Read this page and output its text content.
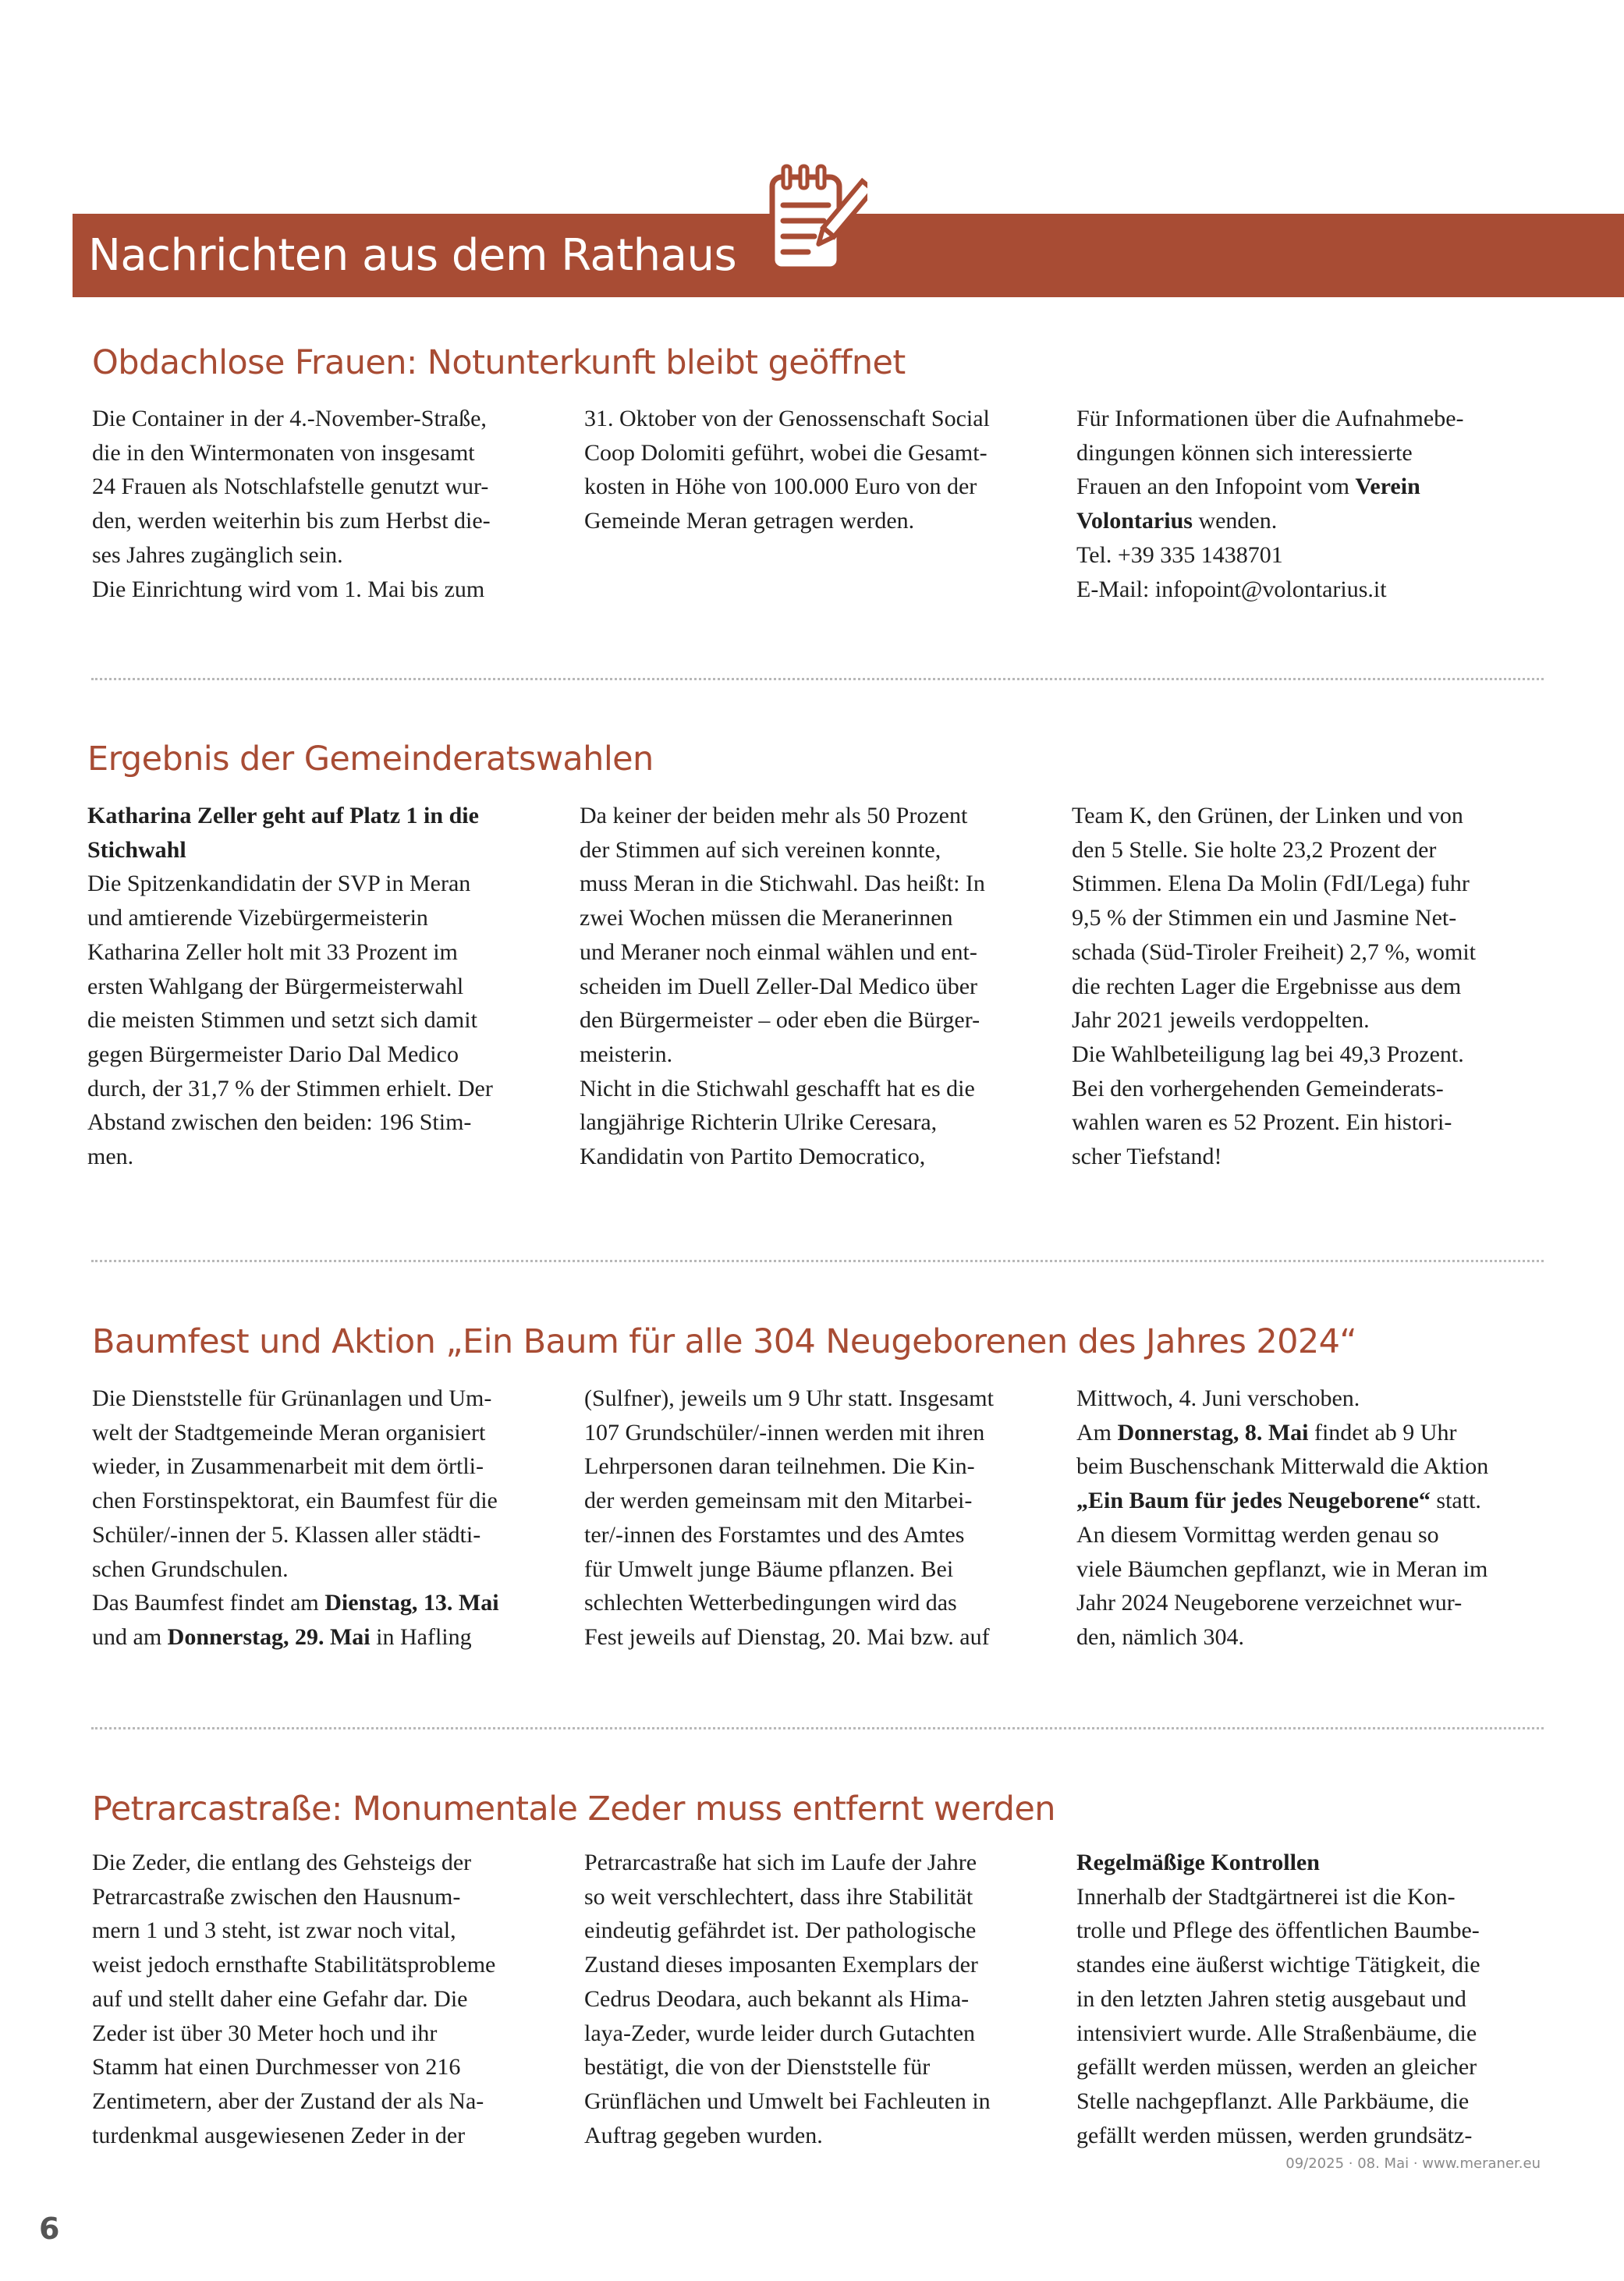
Nachrichten aus dem Rathaus
Obdachlose Frauen: Notunterkunft bleibt geöffnet
Die Container in der 4.-November-Straße,
die in den Wintermonaten von insgesamt
24 Frauen als Notschlafstelle genutzt wur-
den, werden weiterhin bis zum Herbst die-
ses Jahres zugänglich sein.
Die Einrichtung wird vom 1. Mai bis zum
31. Oktober von der Genossenschaft Social
Coop Dolomiti geführt, wobei die Gesamt-
kosten in Höhe von 100.000 Euro von der
Gemeinde Meran getragen werden.
Für Informationen über die Aufnahmebe-
dingungen können sich interessierte
Frauen an den Infopoint vom Verein
Volontarius wenden.
Tel. +39 335 1438701
E-Mail: infopoint@volontarius.it
Ergebnis der Gemeinderatswahlen
Katharina Zeller geht auf Platz 1 in die
Stichwahl
Die Spitzenkandidatin der SVP in Meran
und amtierende Vizebürgermeisterin
Katharina Zeller holt mit 33 Prozent im
ersten Wahlgang der Bürgermeisterwahl
die meisten Stimmen und setzt sich damit
gegen Bürgermeister Dario Dal Medico
durch, der 31,7 % der Stimmen erhielt. Der
Abstand zwischen den beiden: 196 Stim-
men.
Da keiner der beiden mehr als 50 Prozent
der Stimmen auf sich vereinen konnte,
muss Meran in die Stichwahl. Das heißt: In
zwei Wochen müssen die Meranerinnen
und Meraner noch einmal wählen und ent-
scheiden im Duell Zeller-Dal Medico über
den Bürgermeister – oder eben die Bürger-
meisterin.
Nicht in die Stichwahl geschafft hat es die
langjährige Richterin Ulrike Ceresara,
Kandidatin von Partito Democratico,
Team K, den Grünen, der Linken und von
den 5 Stelle. Sie holte 23,2 Prozent der
Stimmen. Elena Da Molin (FdI/Lega) fuhr
9,5 % der Stimmen ein und Jasmine Net-
schada (Süd-Tiroler Freiheit) 2,7 %, womit
die rechten Lager die Ergebnisse aus dem
Jahr 2021 jeweils verdoppelten.
Die Wahlbeteiligung lag bei 49,3 Prozent.
Bei den vorhergehenden Gemeinderats-
wahlen waren es 52 Prozent. Ein histori-
scher Tiefstand!
Baumfest und Aktion „Ein Baum für alle 304 Neugeborenen des Jahres 2024“
Die Dienststelle für Grünanlagen und Um-
welt der Stadtgemeinde Meran organisiert
wieder, in Zusammenarbeit mit dem örtli-
chen Forstinspektorat, ein Baumfest für die
Schüler/-innen der 5. Klassen aller städti-
schen Grundschulen.
Das Baumfest findet am Dienstag, 13. Mai
und am Donnerstag, 29. Mai in Hafling
(Sulfner), jeweils um 9 Uhr statt. Insgesamt
107 Grundschüler/-innen werden mit ihren
Lehrpersonen daran teilnehmen. Die Kin-
der werden gemeinsam mit den Mitarbei-
ter/-innen des Forstamtes und des Amtes
für Umwelt junge Bäume pflanzen. Bei
schlechten Wetterbedingungen wird das
Fest jeweils auf Dienstag, 20. Mai bzw. auf
Mittwoch, 4. Juni verschoben.
Am Donnerstag, 8. Mai findet ab 9 Uhr
beim Buschenschank Mitterwald die Aktion
„Ein Baum für jedes Neugeborene“ statt.
An diesem Vormittag werden genau so
viele Bäumchen gepflanzt, wie in Meran im
Jahr 2024 Neugeborene verzeichnet wur-
den, nämlich 304.
Petrarcastraße: Monumentale Zeder muss entfernt werden
Die Zeder, die entlang des Gehsteigs der
Petrarcastraße zwischen den Hausnum-
mern 1 und 3 steht, ist zwar noch vital,
weist jedoch ernsthafte Stabilitätsprobleme
auf und stellt daher eine Gefahr dar. Die
Zeder ist über 30 Meter hoch und ihr
Stamm hat einen Durchmesser von 216
Zentimetern, aber der Zustand der als Na-
turdenkmal ausgewiesenen Zeder in der
Petrarcastraße hat sich im Laufe der Jahre
so weit verschlechtert, dass ihre Stabilität
eindeutig gefährdet ist. Der pathologische
Zustand dieses imposanten Exemplars der
Cedrus Deodara, auch bekannt als Hima-
laya-Zeder, wurde leider durch Gutachten
bestätigt, die von der Dienststelle für
Grünflächen und Umwelt bei Fachleuten in
Auftrag gegeben wurden.
Regelmäßige Kontrollen
Innerhalb der Stadtgärtnerei ist die Kon-
trolle und Pflege des öffentlichen Baumbe-
standes eine äußerst wichtige Tätigkeit, die
in den letzten Jahren stetig ausgebaut und
intensiviert wurde. Alle Straßenbäume, die
gefällt werden müssen, werden an gleicher
Stelle nachgepflanzt. Alle Parkbäume, die
gefällt werden müssen, werden grundsätz-
6
09/2025 · 08. Mai · www.meraner.eu
